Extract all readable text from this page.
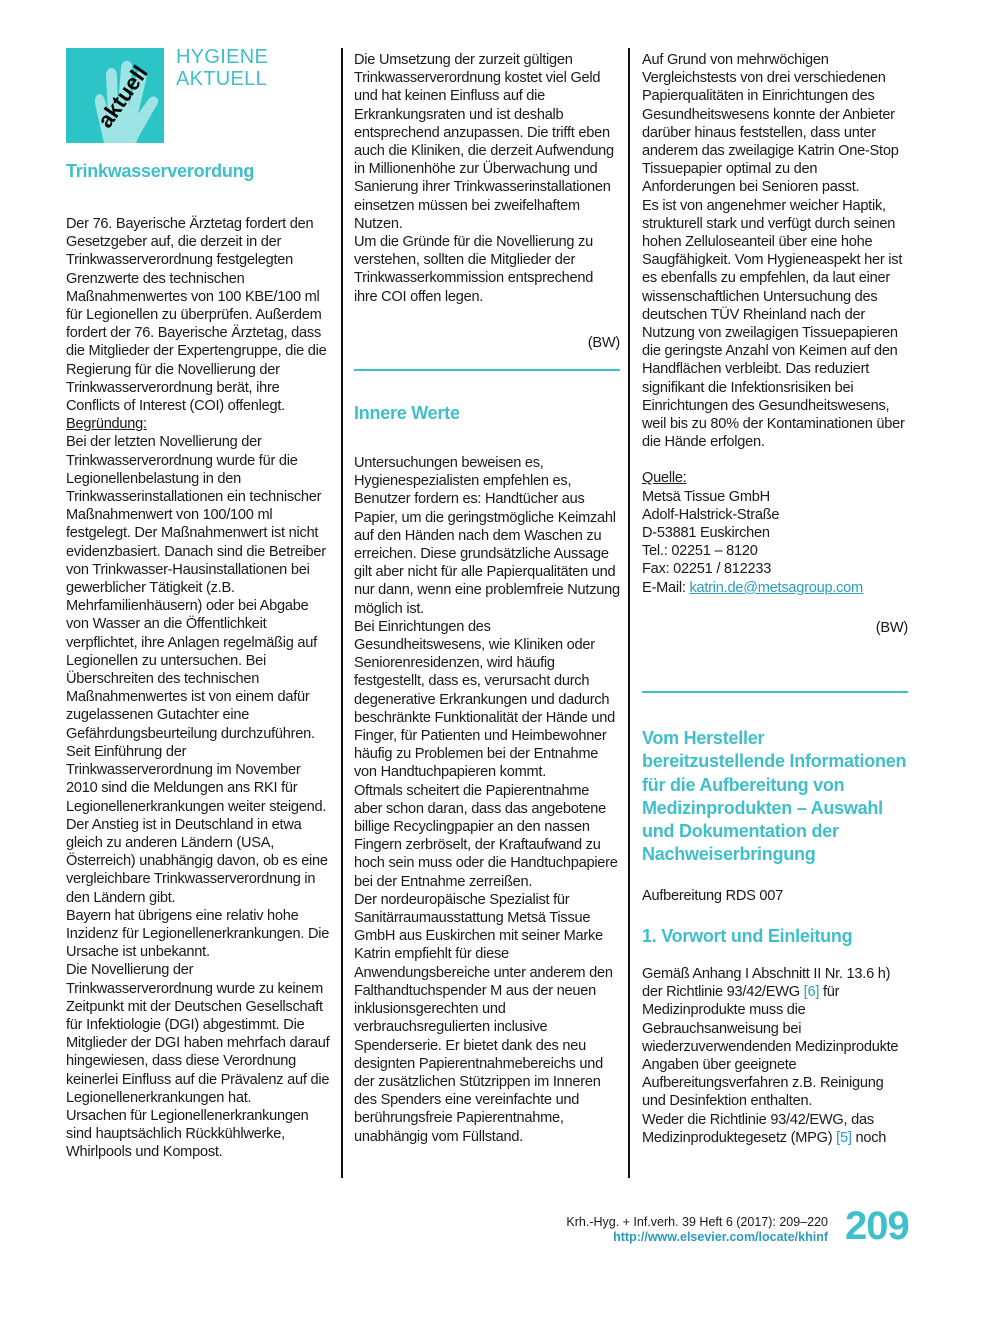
aktuell
HYGIENE
AKTUELL
Trinkwasserverordung

Der 76. Bayerische Ärztetag fordert den Gesetzgeber auf, die derzeit in der Trinkwasserverordnung festgelegten Grenzwerte des technischen Maßnahmenwertes von 100 KBE/100 ml für Legionellen zu überprüfen. Außerdem fordert der 76. Bayerische Ärztetag, dass die Mitglieder der Expertengruppe, die die Regierung für die Novellierung der Trinkwasserverordnung berät, ihre Conflicts of Interest (COI) offenlegt.

Begründung:

Bei der letzten Novellierung der Trinkwasserverordnung wurde für die Legionellenbelastung in den Trinkwasserinstallationen ein technischer Maßnahmenwert von 100/100 ml festgelegt. Der Maßnahmenwert ist nicht evidenzbasiert. Danach sind die Betreiber von Trinkwasser-Hausinstallationen bei gewerblicher Tätigkeit (z.B. Mehrfamilienhäusern) oder bei Abgabe von Wasser an die Öffentlichkeit verpflichtet, ihre Anlagen regelmäßig auf Legionellen zu untersuchen. Bei Überschreiten des technischen Maßnahmenwertes ist von einem dafür zugelassenen Gutachter eine Gefährdungsbeurteilung durchzuführen.

Seit Einführung der Trinkwasserverordnung im November 2010 sind die Meldungen ans RKI für Legionellenerkrankungen weiter steigend. Der Anstieg ist in Deutschland in etwa gleich zu anderen Ländern (USA, Österreich) unabhängig davon, ob es eine vergleichbare Trinkwasserverordnung in den Ländern gibt.

Bayern hat übrigens eine relativ hohe Inzidenz für Legionellenerkrankungen. Die Ursache ist unbekannt.

Die Novellierung der Trinkwasserverordnung wurde zu keinem Zeitpunkt mit der Deutschen Gesellschaft für Infektiologie (DGI) abgestimmt. Die Mitglieder der DGI haben mehrfach darauf hingewiesen, dass diese Verordnung keinerlei Einfluss auf die Prävalenz auf die Legionellenerkrankungen hat.

Ursachen für Legionellenerkrankungen sind hauptsächlich Rückkühlwerke, Whirlpools und Kompost.

Die Umsetzung der zurzeit gültigen Trinkwasserverordnung kostet viel Geld und hat keinen Einfluss auf die Erkrankungsraten und ist deshalb entsprechend anzupassen. Die trifft eben auch die Kliniken, die derzeit Aufwendung in Millionenhöhe zur Überwachung und Sanierung ihrer Trinkwasserinstallationen einsetzen müssen bei zweifelhaftem Nutzen.

Um die Gründe für die Novellierung zu verstehen, sollten die Mitglieder der Trinkwasserkommission entsprechend ihre COI offen legen.

(BW)

Innere Werte

Untersuchungen beweisen es, Hygienespezialisten empfehlen es, Benutzer fordern es: Handtücher aus Papier, um die geringstmögliche Keimzahl auf den Händen nach dem Waschen zu erreichen. Diese grundsätzliche Aussage gilt aber nicht für alle Papierqualitäten und nur dann, wenn eine problemfreie Nutzung möglich ist.

Bei Einrichtungen des Gesundheitswesens, wie Kliniken oder Seniorenresidenzen, wird häufig festgestellt, dass es, verursacht durch degenerative Erkrankungen und dadurch beschränkte Funktionalität der Hände und Finger, für Patienten und Heimbewohner häufig zu Problemen bei der Entnahme von Handtuchpapieren kommt.

Oftmals scheitert die Papierentnahme aber schon daran, dass das angebotene billige Recyclingpapier an den nassen Fingern zerbröselt, der Kraftaufwand zu hoch sein muss oder die Handtuchpapiere bei der Entnahme zerreißen.

Der nordeuropäische Spezialist für Sanitärraumausstattung Metsä Tissue GmbH aus Euskirchen mit seiner Marke Katrin empfiehlt für diese Anwendungsbereiche unter anderem den Falthandtuchspender M aus der neuen inklusionsgerechten und verbrauchsregulierten inclusive Spenderserie. Er bietet dank des neu designten Papierentnahmebereichs und der zusätzlichen Stützrippen im Inneren des Spenders eine vereinfachte und berührungsfreie Papierentnahme, unabhängig vom Füllstand.

Auf Grund von mehrwöchigen Vergleichstests von drei verschiedenen Papierqualitäten in Einrichtungen des Gesundheitswesens konnte der Anbieter darüber hinaus feststellen, dass unter anderem das zweilagige Katrin One-Stop Tissuepapier optimal zu den Anforderungen bei Senioren passt.

Es ist von angenehmer weicher Haptik, strukturell stark und verfügt durch seinen hohen Zelluloseanteil über eine hohe Saugfähigkeit. Vom Hygieneaspekt her ist es ebenfalls zu empfehlen, da laut einer wissenschaftlichen Untersuchung des deutschen TÜV Rheinland nach der Nutzung von zweilagigen Tissuepapieren die geringste Anzahl von Keimen auf den Handflächen verbleibt. Das reduziert signifikant die Infektionsrisiken bei Einrichtungen des Gesundheitswesens, weil bis zu 80% der Kontaminationen über die Hände erfolgen.

Quelle:

Metsä Tissue GmbH

Adolf-Halstrick-Straße

D-53881 Euskirchen

Tel.: 02251 – 8120

Fax: 02251 / 812233

E-Mail: katrin.de@metsagroup.com

(BW)

Vom Hersteller bereitzustellende Informationen für die Aufbereitung von Medizinprodukten – Auswahl und Dokumentation der Nachweiserbringung

Aufbereitung RDS 007

1. Vorwort und Einleitung

Gemäß Anhang I Abschnitt II Nr. 13.6 h) der Richtlinie 93/42/EWG [6] für Medizinprodukte muss die Gebrauchsanweisung bei wiederzuverwendenden Medizinprodukte Angaben über geeignete Aufbereitungsverfahren z.B. Reinigung und Desinfektion enthalten.

Weder die Richtlinie 93/42/EWG, das Medizinproduktegesetz (MPG) [5] noch

Krh.-Hyg. + Inf.verh. 39 Heft 6 (2017): 209–220
http://www.elsevier.com/locate/khinf 209
